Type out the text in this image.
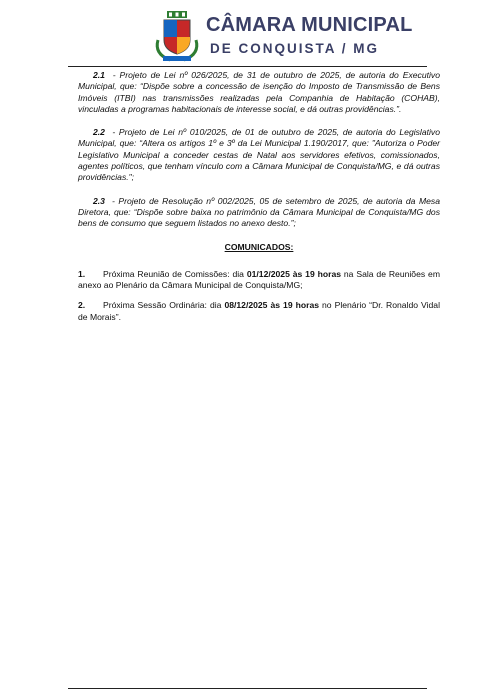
CÂMARA MUNICIPAL
DE CONQUISTA / MG

2.1 - Projeto de Lei nº 026/2025, de 31 de outubro de 2025, de autoria do Executivo Municipal, que: “Dispõe sobre a concessão de isenção do Imposto de Transmissão de Bens Imóveis (ITBI) nas transmissões realizadas pela Companhia de Habitação (COHAB), vinculadas a programas habitacionais de interesse social, e dá outras providências.”.

2.2 - Projeto de Lei nº 010/2025, de 01 de outubro de 2025, de autoria do Legislativo Municipal, que: “Altera os artigos 1º e 3º da Lei Municipal 1.190/2017, que: "Autoriza o Poder Legislativo Municipal a conceder cestas de Natal aos servidores efetivos, comissionados, agentes políticos, que tenham vínculo com a Câmara Municipal de Conquista/MG, e dá outras providências.";

2.3 - Projeto de Resolução nº 002/2025, 05 de setembro de 2025, de autoria da Mesa Diretora, que: “Dispõe sobre baixa no patrimônio da Câmara Municipal de Conquista/MG dos bens de consumo que seguem listados no anexo desto.”;

COMUNICADOS:

1. Próxima Reunião de Comissões: dia 01/12/2025 às 19 horas na Sala de Reuniões em anexo ao Plenário da Câmara Municipal de Conquista/MG;

2. Próxima Sessão Ordinária: dia 08/12/2025 às 19 horas no Plenário “Dr. Ronaldo Vidal de Morais”.
